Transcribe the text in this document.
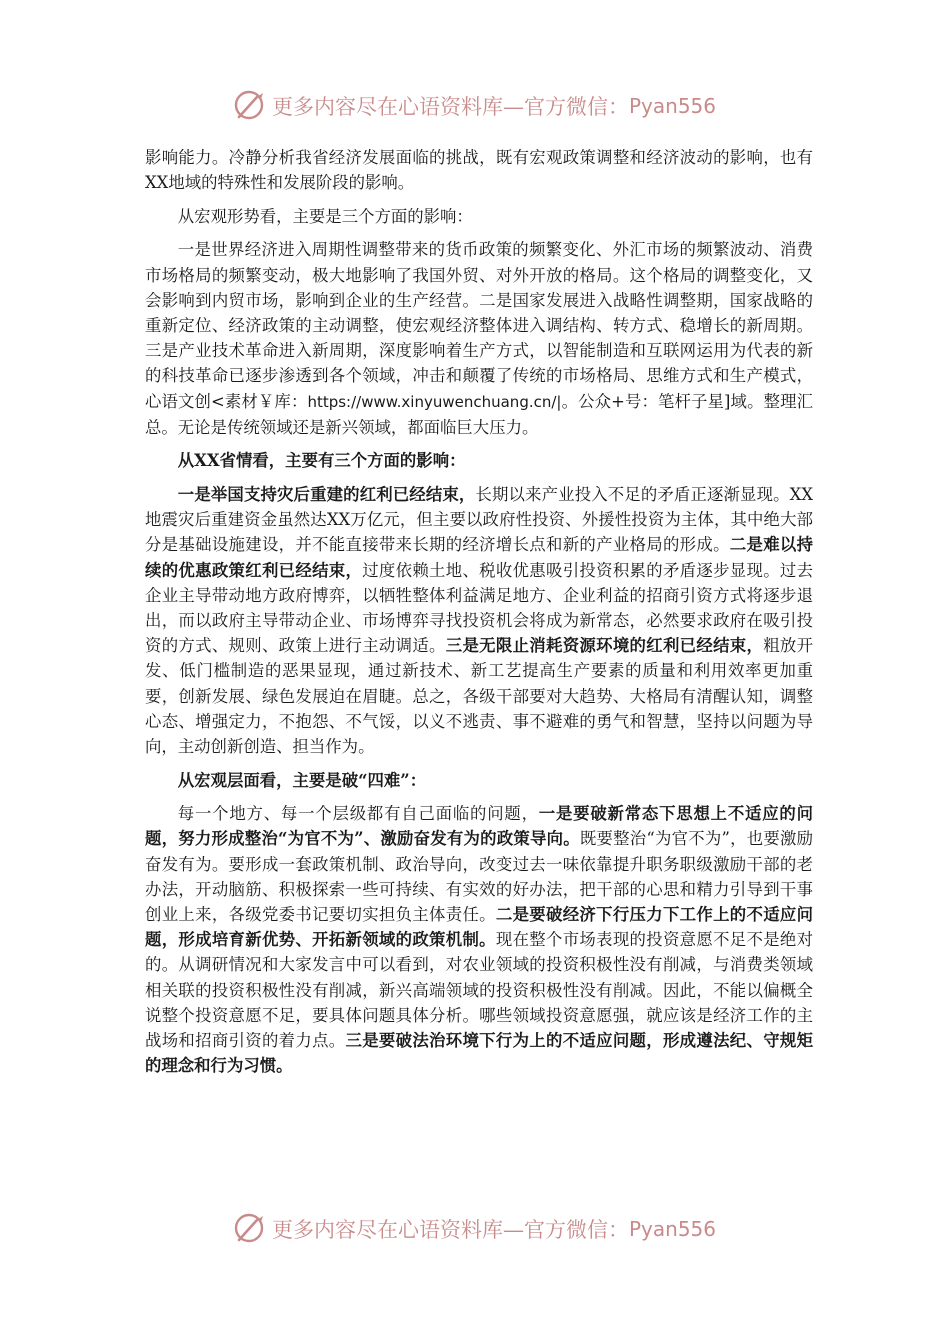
更多内容尽在心语资料库—官方微信： Pyan556

影响能力。冷静分析我省经济发展面临的挑战，既有宏观政策调整和经济波动的影响，也有XX地域的特殊性和发展阶段的影响。

从宏观形势看，主要是三个方面的影响：

一是世界经济进入周期性调整带来的货币政策的频繁变化、外汇市场的频繁波动、消费市场格局的频繁变动，极大地影响了我国外贸、对外开放的格局。这个格局的调整变化，又会影响到内贸市场，影响到企业的生产经营。二是国家发展进入战略性调整期，国家战略的重新定位、经济政策的主动调整，使宏观经济整体进入调结构、转方式、稳增长的新周期。三是产业技术革命进入新周期，深度影响着生产方式，以智能制造和互联网运用为代表的新的科技革命已逐步渗透到各个领域，冲击和颠覆了传统的市场格局、思维方式和生产模式，心语文创<素材￥库：https://www.xinyuwenchuang.cn/|。公众+号：笔杆子星]域。整理汇总。无论是传统领域还是新兴领域，都面临巨大压力。

从XX省情看，主要有三个方面的影响：

一是举国支持灾后重建的红利已经结束，长期以来产业投入不足的矛盾正逐渐显现。XX地震灾后重建资金虽然达XX万亿元，但主要以政府性投资、外援性投资为主体，其中绝大部分是基础设施建设，并不能直接带来长期的经济增长点和新的产业格局的形成。二是难以持续的优惠政策红利已经结束，过度依赖土地、税收优惠吸引投资积累的矛盾逐步显现。过去企业主导带动地方政府博弈，以牺牲整体利益满足地方、企业利益的招商引资方式将逐步退出，而以政府主导带动企业、市场博弈寻找投资机会将成为新常态，必然要求政府在吸引投资的方式、规则、政策上进行主动调适。三是无限止消耗资源环境的红利已经结束，粗放开发、低门槛制造的恶果显现，通过新技术、新工艺提高生产要素的质量和利用效率更加重要，创新发展、绿色发展迫在眉睫。总之，各级干部要对大趋势、大格局有清醒认知，调整心态、增强定力，不抱怨、不气馁，以义不逃责、事不避难的勇气和智慧，坚持以问题为导向，主动创新创造、担当作为。

从宏观层面看，主要是破“四难”：

每一个地方、每一个层级都有自己面临的问题，一是要破新常态下思想上不适应的问题，努力形成整治“为官不为”、激励奋发有为的政策导向。既要整治“为官不为”，也要激励奋发有为。要形成一套政策机制、政治导向，改变过去一味依靠提升职务职级激励干部的老办法，开动脑筋、积极探索一些可持续、有实效的好办法，把干部的心思和精力引导到干事创业上来，各级党委书记要切实担负主体责任。二是要破经济下行压力下工作上的不适应问题，形成培育新优势、开拓新领域的政策机制。现在整个市场表现的投资意愿不足不是绝对的。从调研情况和大家发言中可以看到，对农业领域的投资积极性没有削减，与消费类领域相关联的投资积极性没有削减，新兴高端领域的投资积极性没有削减。因此，不能以偏概全说整个投资意愿不足，要具体问题具体分析。哪些领域投资意愿强，就应该是经济工作的主战场和招商引资的着力点。三是要破法治环境下行为上的不适应问题，形成遵法纪、守规矩的理念和行为习惯。

更多内容尽在心语资料库—官方微信： Pyan556
